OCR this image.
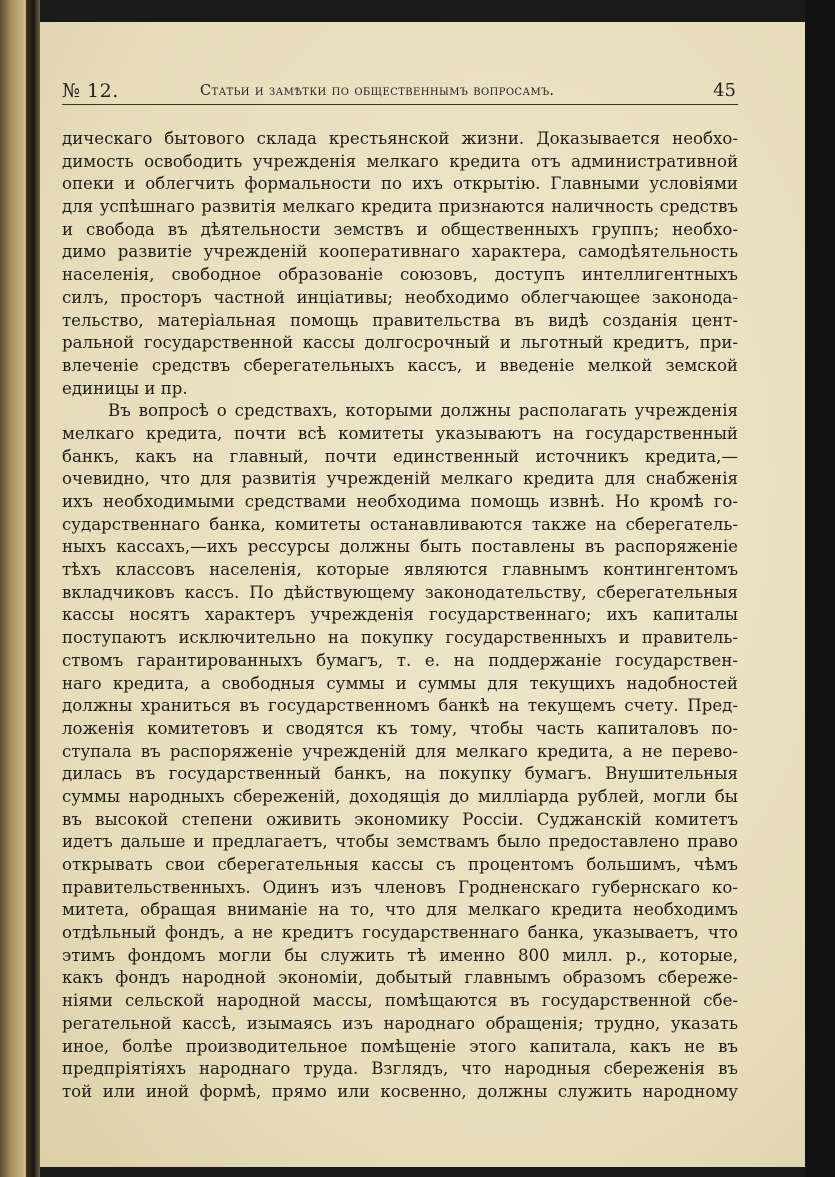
№ 12.	Статьи и замѣтки по общественнымъ вопросамъ.	45
дическаго бытового склада крестьянской жизни. Доказывается необхо-
димость освободить учрежденія мелкаго кредита отъ административной
опеки и облегчить формальности по ихъ открытію. Главными условіями
для успѣшнаго развитія мелкаго кредита признаются наличность средствъ
и свобода въ дѣятельности земствъ и общественныхъ группъ; необхо-
димо развитіе учрежденій кооперативнаго характера, самодѣятельность
населенія, свободное образованіе союзовъ, доступъ интеллигентныхъ
силъ, просторъ частной инціативы; необходимо облегчающее законода-
тельство, матеріальная помощь правительства въ видѣ созданія цент-
ральной государственной кассы долгосрочный и льготный кредитъ, при-
влеченіе средствъ сберегательныхъ кассъ, и введеніе мелкой земской
единицы и пр.
Въ вопросѣ о средствахъ, которыми должны располагать учрежденія
мелкаго кредита, почти всѣ комитеты указываютъ на государственный
банкъ, какъ на главный, почти единственный источникъ кредита,—
очевидно, что для развитія учрежденій мелкаго кредита для снабженія
ихъ необходимыми средствами необходима помощь извнѣ. Но кромѣ го-
сударственнаго банка, комитеты останавливаются также на сберегатель-
ныхъ кассахъ,—ихъ рессурсы должны быть поставлены въ распоряженіе
тѣхъ классовъ населенія, которые являются главнымъ контингентомъ
вкладчиковъ кассъ. По дѣйствующему законодательству, сберегательныя
кассы носятъ характеръ учрежденія государственнаго; ихъ капиталы
поступаютъ исключительно на покупку государственныхъ и правитель-
ствомъ гарантированныхъ бумагъ, т. е. на поддержаніе государствен-
наго кредита, а свободныя суммы и суммы для текущихъ надобностей
должны храниться въ государственномъ банкѣ на текущемъ счету. Пред-
ложенія комитетовъ и сводятся къ тому, чтобы часть капиталовъ по-
ступала въ распоряженіе учрежденій для мелкаго кредита, а не перево-
дилась въ государственный банкъ, на покупку бумагъ. Внушительныя
суммы народныхъ сбереженій, доходящія до милліарда рублей, могли бы
въ высокой степени оживить экономику Россіи. Суджанскій комитетъ
идетъ дальше и предлагаетъ, чтобы земствамъ было предоставлено право
открывать свои сберегательныя кассы съ процентомъ большимъ, чѣмъ
правительственныхъ. Одинъ изъ членовъ Гродненскаго губернскаго ко-
митета, обращая вниманіе на то, что для мелкаго кредита необходимъ
отдѣльный фондъ, а не кредитъ государственнаго банка, указываетъ, что
этимъ фондомъ могли бы служить тѣ именно 800 милл. р., которые,
какъ фондъ народной экономіи, добытый главнымъ образомъ сбереже-
ніями сельской народной массы, помѣщаются въ государственной сбе-
регательной кассѣ, изымаясь изъ народнаго обращенія; трудно, указать
иное, болѣе производительное помѣщеніе этого капитала, какъ не въ
предпріятіяхъ народнаго труда. Взглядъ, что народныя сбереженія въ
той или иной формѣ, прямо или косвенно, должны служить народному
